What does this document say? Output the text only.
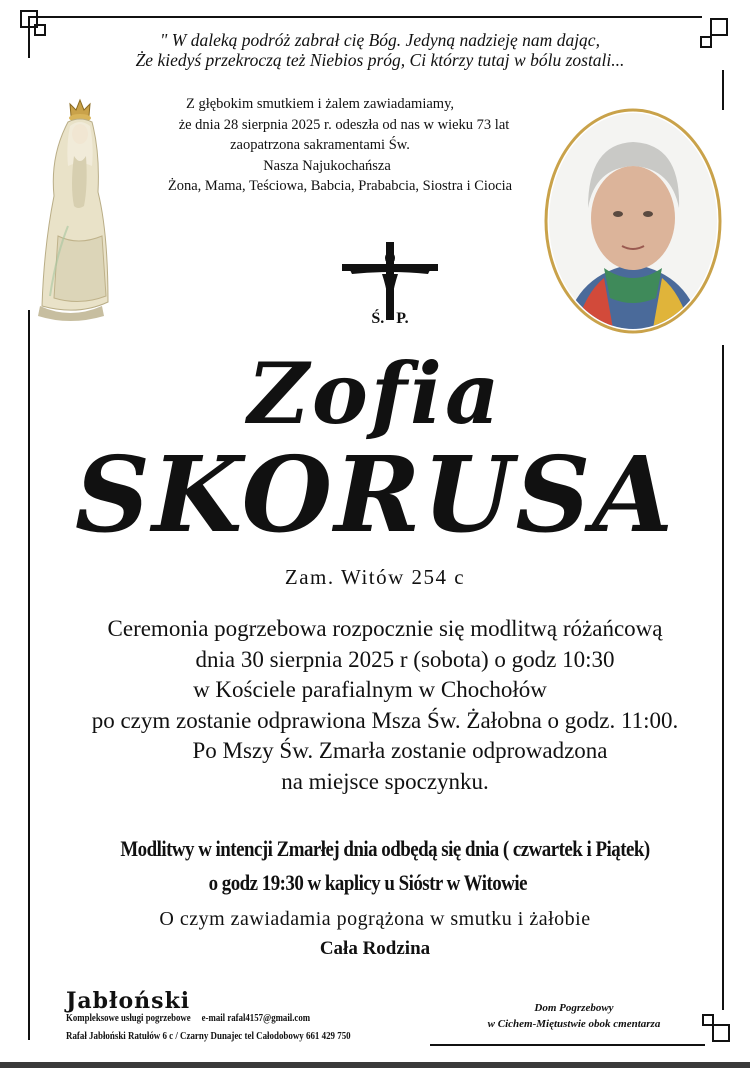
" W daleką podróż zabrał cię Bóg. Jedyną nadzieję nam dając,
Że kiedyś przekroczą też Niebios próg, Ci którzy tutaj w bólu zostali...
Z głębokim smutkiem i żalem zawiadamiamy,
że dnia 28 sierpnia 2025 r. odeszła od nas w wieku 73 lat
zaopatrzona sakramentami Św.
Nasza Najukochańsza
Żona, Mama, Teściowa, Babcia, Prababcia, Siostra i Ciocia
Ś.   P.
Zofia
SKORUSA
Zam. Witów 254 c
Ceremonia pogrzebowa rozpocznie się modlitwą różańcową
dnia 30 sierpnia 2025 r (sobota) o godz 10:30
w Kościele parafialnym w Chochołów
po czym zostanie odprawiona Msza Św. Żałobna o godz. 11:00.
Po Mszy Św. Zmarła zostanie odprowadzona
na miejsce spoczynku.
Modlitwy w intencji Zmarłej dnia odbędą się dnia ( czwartek i Piątek)
o godz 19:30 w kaplicy u Sióstr w Witowie
O czym zawiadamia pogrążona w smutku i żałobie
Cała Rodzina
Jabłoński
Kompleksowe usługi pogrzebowe e-mail rafal4157@gmail.com
Rafał Jabłoński Ratułów 6 c / Czarny Dunajec tel Całodobowy 661 429 750
Dom Pogrzebowy
w Cichem-Miętustwie obok cmentarza
